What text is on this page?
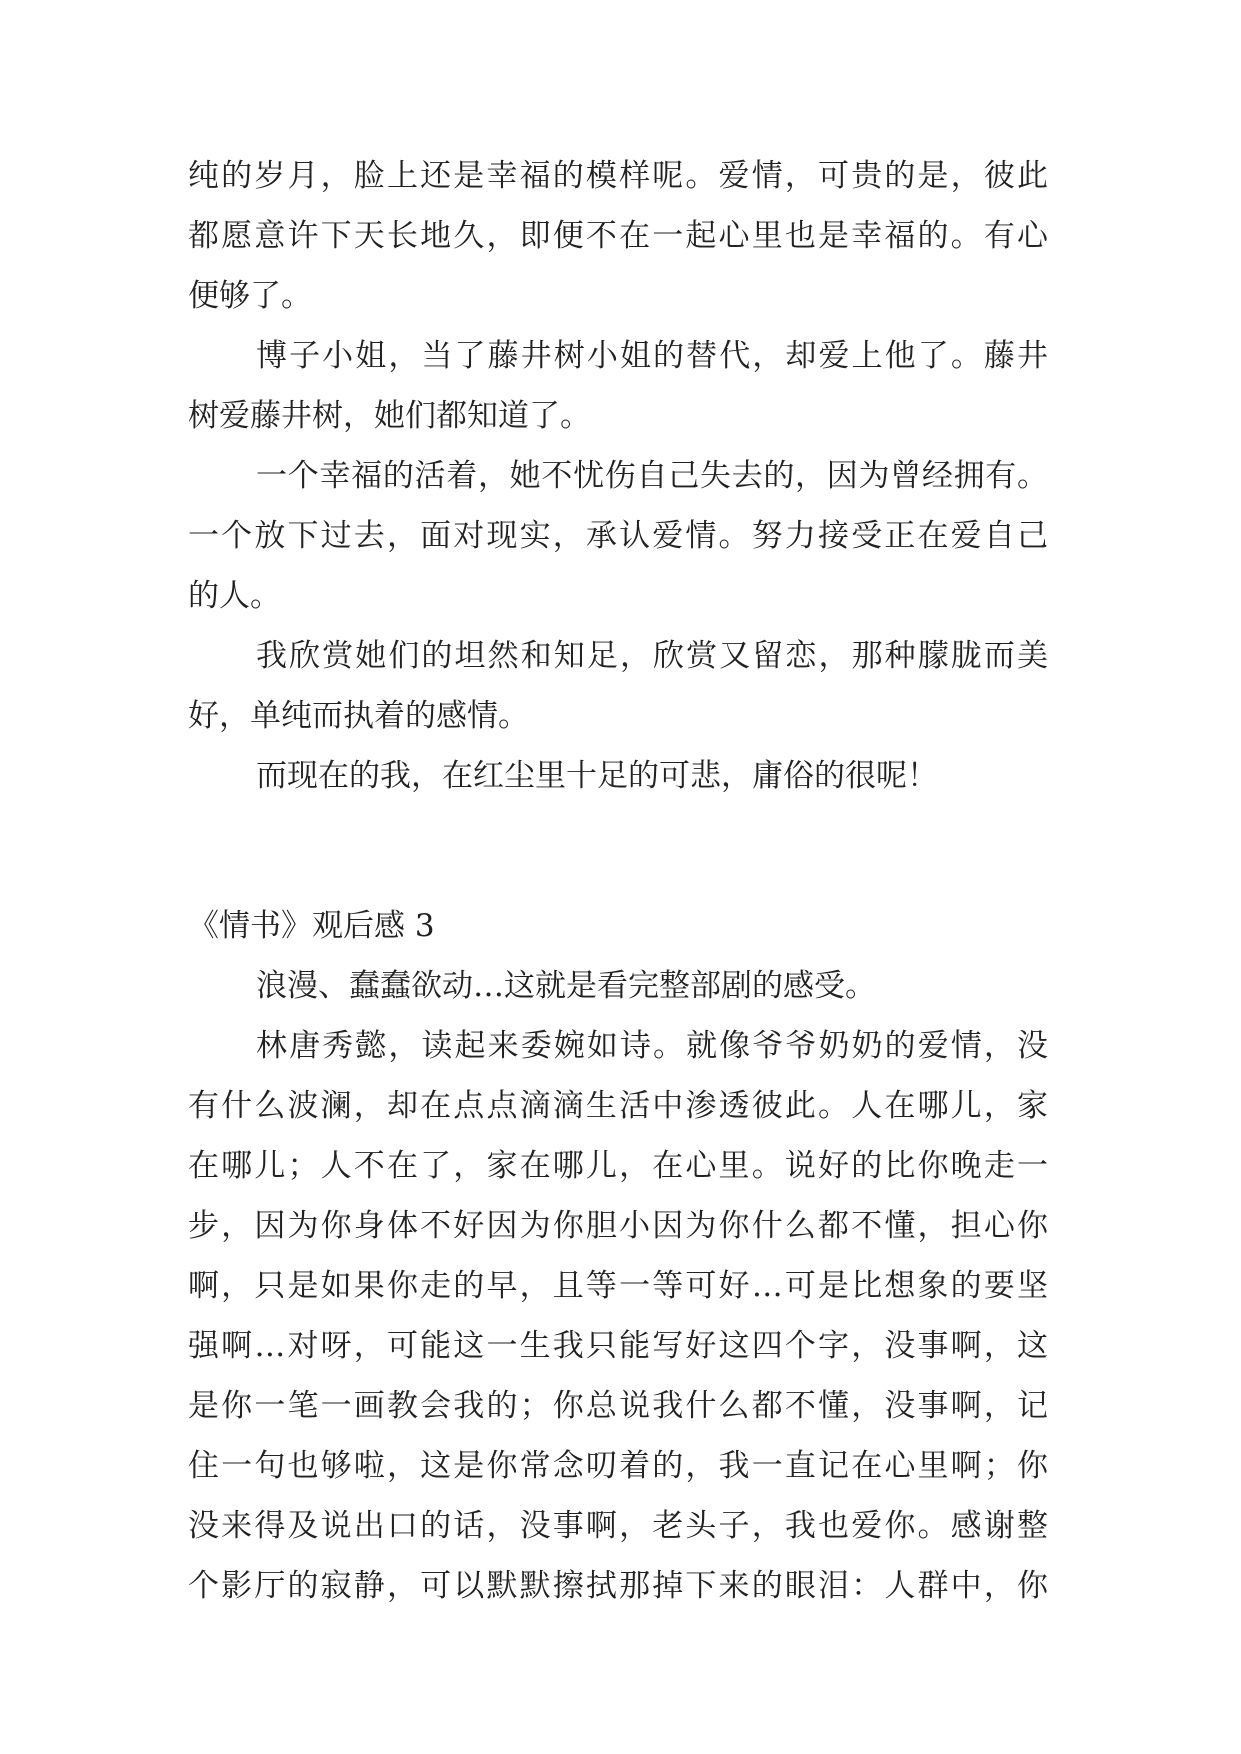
纯的岁月，脸上还是幸福的模样呢。爱情，可贵的是，彼此
都愿意许下天长地久，即便不在一起心里也是幸福的。有心
便够了。
博子小姐，当了藤井树小姐的替代，却爱上他了。藤井
树爱藤井树，她们都知道了。
一个幸福的活着，她不忧伤自己失去的，因为曾经拥有。
一个放下过去，面对现实，承认爱情。努力接受正在爱自己
的人。
我欣赏她们的坦然和知足，欣赏又留恋，那种朦胧而美
好，单纯而执着的感情。
而现在的我，在红尘里十足的可悲，庸俗的很呢！
《情书》观后感 3
浪漫、蠢蠢欲动…这就是看完整部剧的感受。
林唐秀懿，读起来委婉如诗。就像爷爷奶奶的爱情，没
有什么波澜，却在点点滴滴生活中渗透彼此。人在哪儿，家
在哪儿；人不在了，家在哪儿，在心里。说好的比你晚走一
步，因为你身体不好因为你胆小因为你什么都不懂，担心你
啊，只是如果你走的早，且等一等可好…可是比想象的要坚
强啊…对呀，可能这一生我只能写好这四个字，没事啊，这
是你一笔一画教会我的；你总说我什么都不懂，没事啊，记
住一句也够啦，这是你常念叨着的，我一直记在心里啊；你
没来得及说出口的话，没事啊，老头子，我也爱你。感谢整
个影厅的寂静，可以默默擦拭那掉下来的眼泪：人群中，你
